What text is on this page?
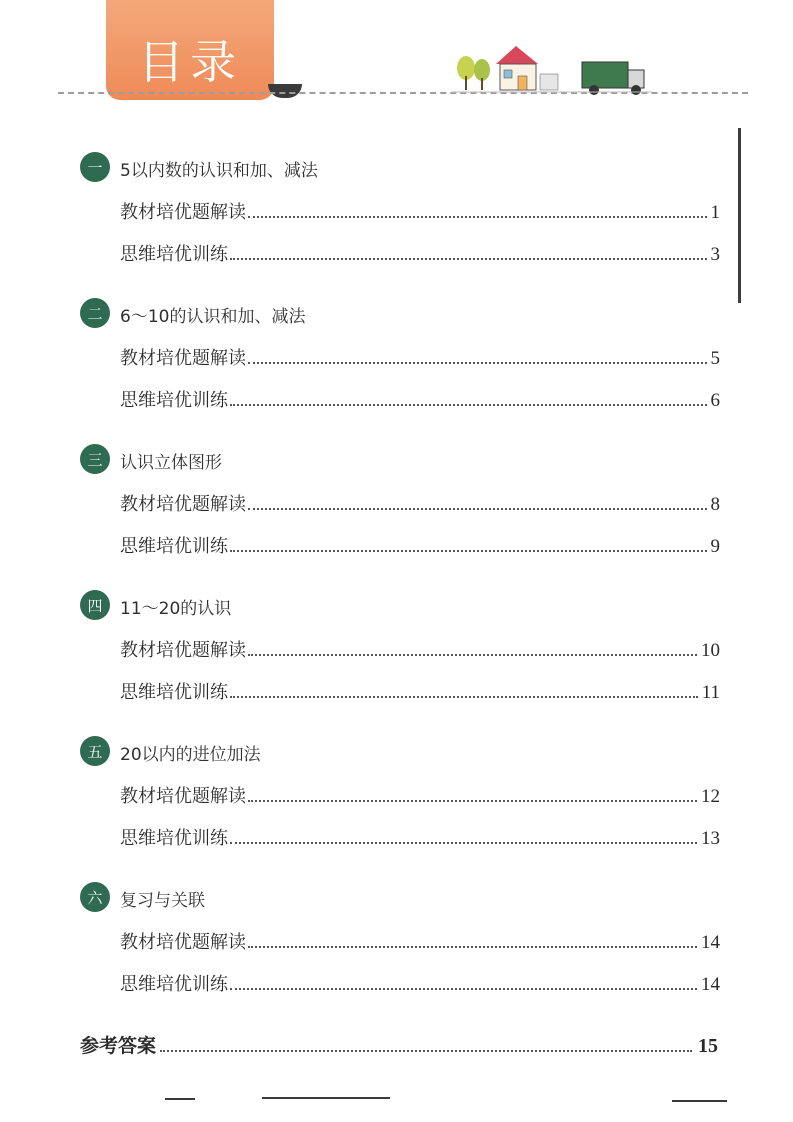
目录
一	5以内数的认识和加、减法
教材培优题解读	1
思维培优训练	3
二	6～10的认识和加、减法
教材培优题解读	5
思维培优训练	6
三	认识立体图形
教材培优题解读	8
思维培优训练	9
四	11～20的认识
教材培优题解读	10
思维培优训练	11
五	20以内的进位加法
教材培优题解读	12
思维培优训练	13
六	复习与关联
教材培优题解读	14
思维培优训练	14
参考答案	15
